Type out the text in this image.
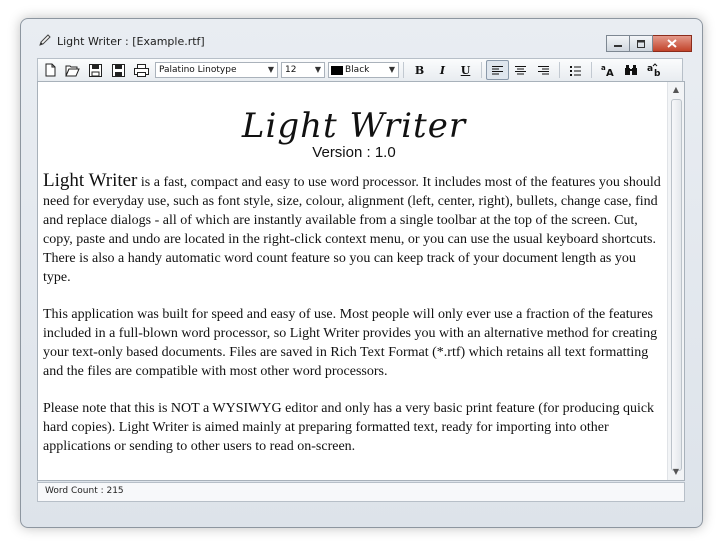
Light Writer : [Example.rtf]
Palatino Linotype	▼ 12 ▼	Black ▼ B I U	a A	a b
Light Writer
Version : 1.0

Light Writer is a fast, compact and easy to use word processor. It includes most of the features you should need for everyday use, such as font style, size, colour, alignment (left, center, right), bullets, change case, find and replace dialogs - all of which are instantly available from a single toolbar at the top of the screen. Cut, copy, paste and undo are located in the right-click context menu, or you can use the usual keyboard shortcuts. There is also a handy automatic word count feature so you can keep track of your document length as you type.

This application was built for speed and easy of use. Most people will only ever use a fraction of the features included in a full-blown word processor, so Light Writer provides you with an alternative method for creating your text-only based documents. Files are saved in Rich Text Format (*.rtf) which retains all text formatting and the files are compatible with most other word processors.

Please note that this is NOT a WYSIWYG editor and only has a very basic print feature (for producing quick hard copies). Light Writer is aimed mainly at preparing formatted text, ready for importing into other applications or sending to other users to read on-screen.

▲
▼
Word Count : 215
